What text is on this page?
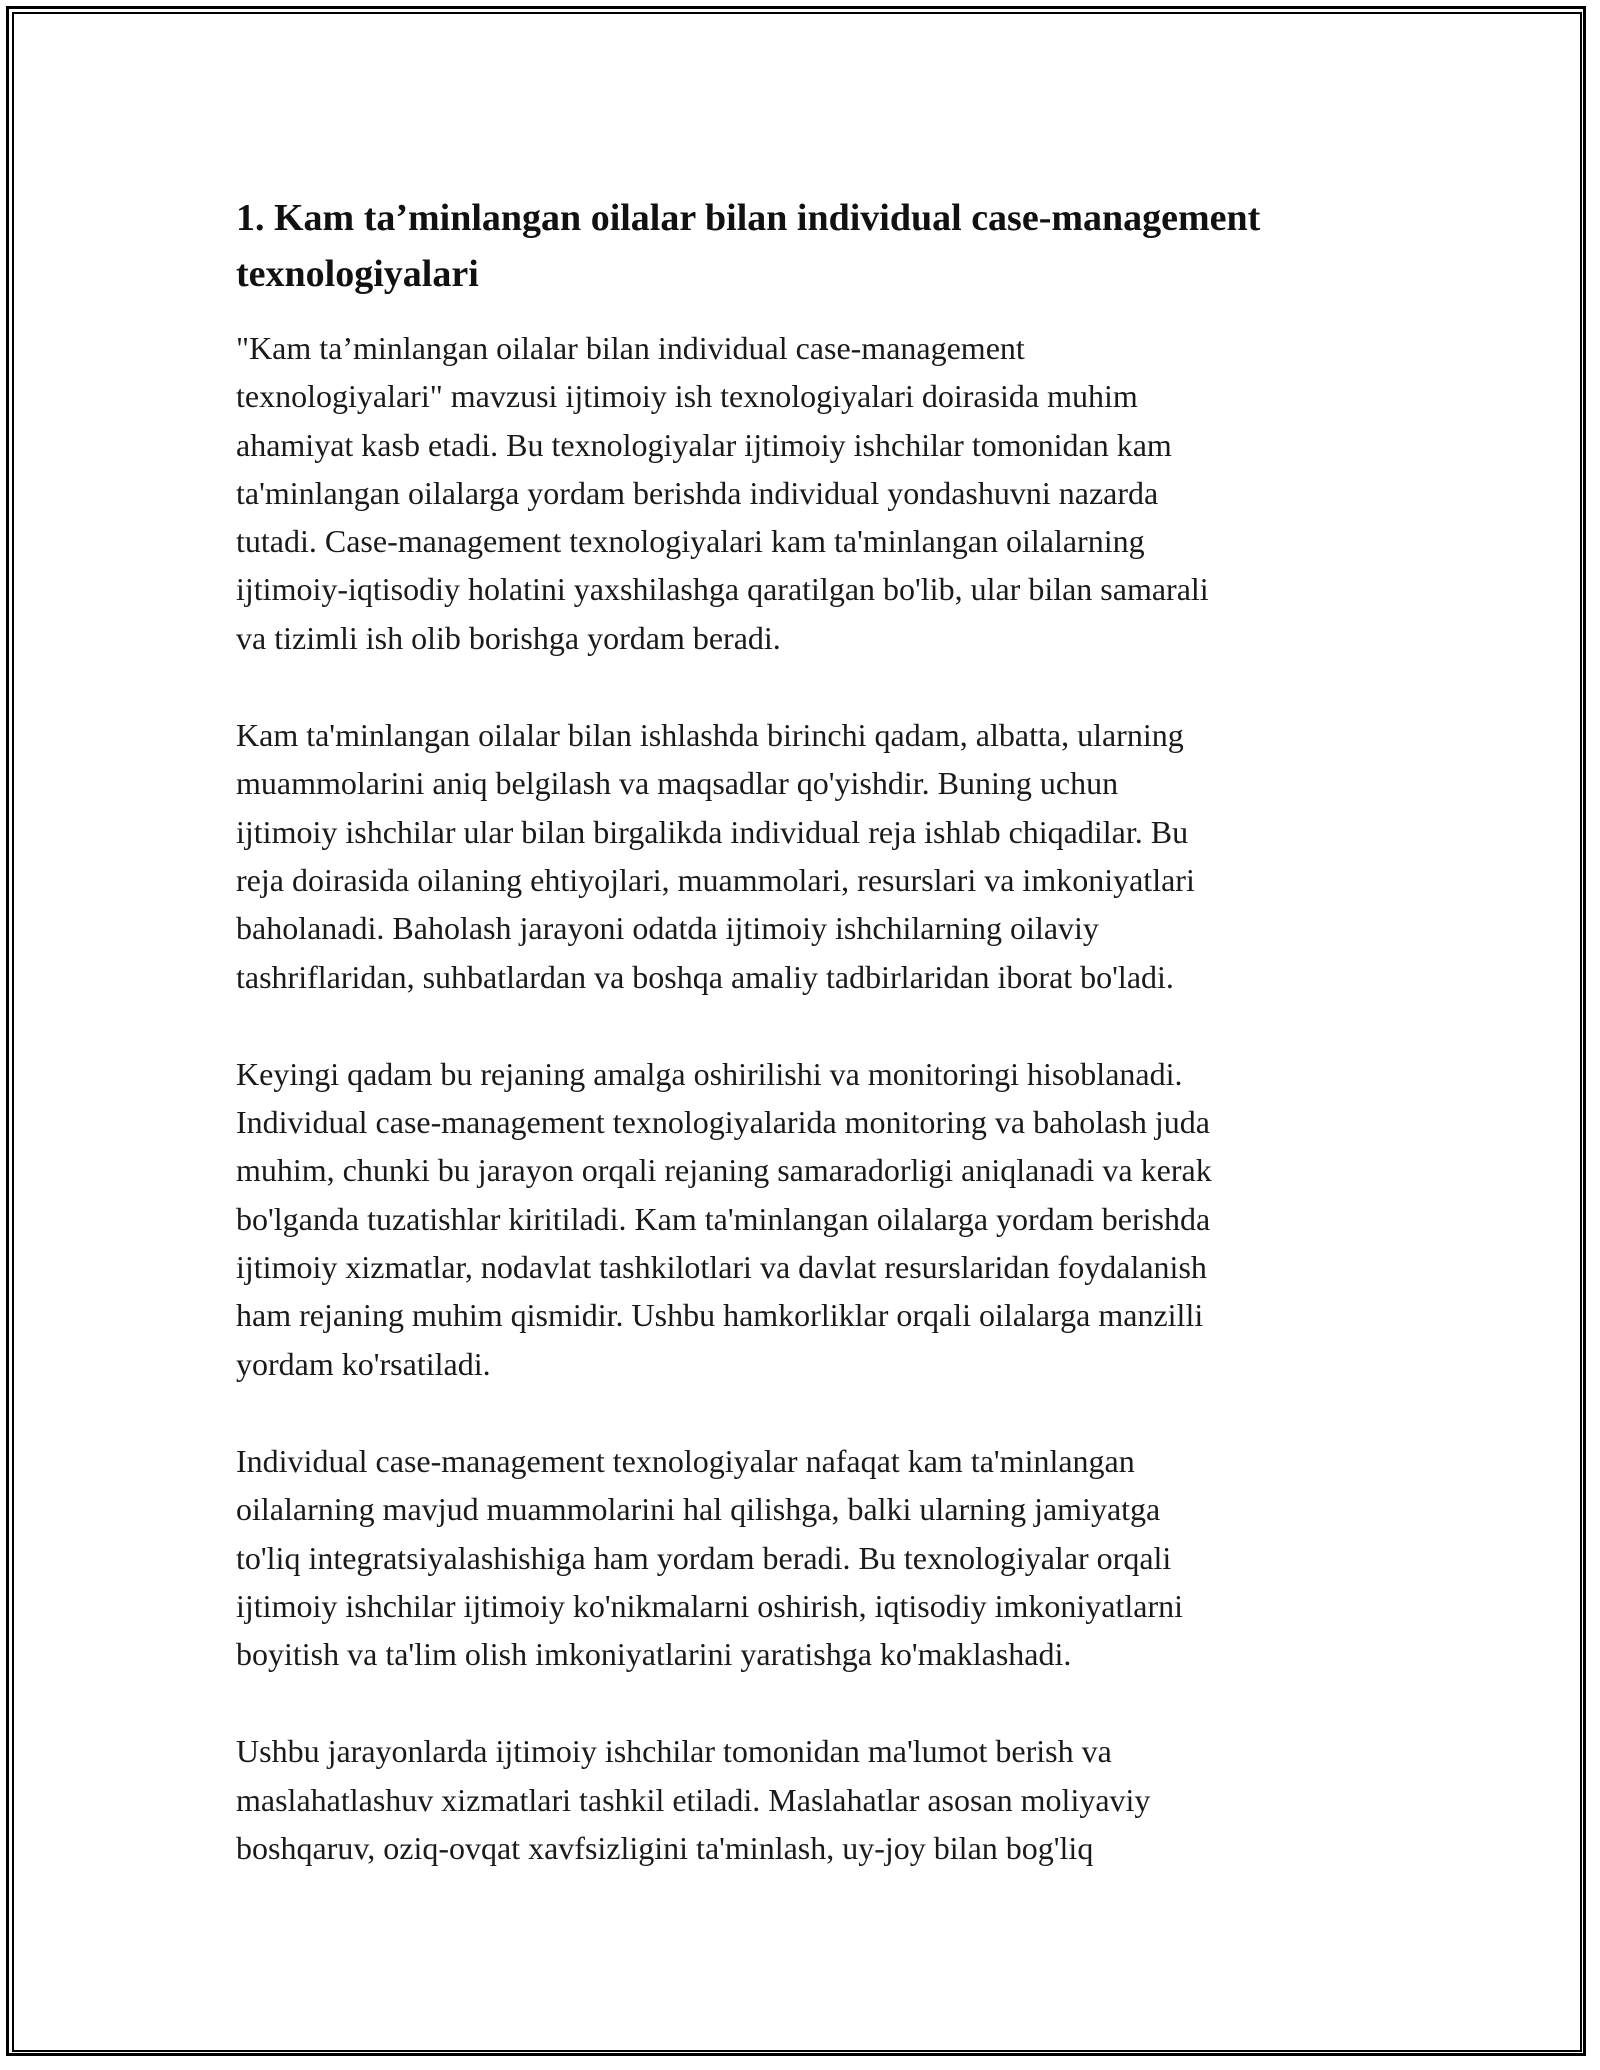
1. Kam ta’minlangan oilalar bilan individual case-management
texnologiyalari

"Kam ta’minlangan oilalar bilan individual case-management
texnologiyalari" mavzusi ijtimoiy ish texnologiyalari doirasida muhim
ahamiyat kasb etadi. Bu texnologiyalar ijtimoiy ishchilar tomonidan kam
ta'minlangan oilalarga yordam berishda individual yondashuvni nazarda
tutadi. Case-management texnologiyalari kam ta'minlangan oilalarning
ijtimoiy-iqtisodiy holatini yaxshilashga qaratilgan bo'lib, ular bilan samarali
va tizimli ish olib borishga yordam beradi.

Kam ta'minlangan oilalar bilan ishlashda birinchi qadam, albatta, ularning
muammolarini aniq belgilash va maqsadlar qo'yishdir. Buning uchun
ijtimoiy ishchilar ular bilan birgalikda individual reja ishlab chiqadilar. Bu
reja doirasida oilaning ehtiyojlari, muammolari, resurslari va imkoniyatlari
baholanadi. Baholash jarayoni odatda ijtimoiy ishchilarning oilaviy
tashriflaridan, suhbatlardan va boshqa amaliy tadbirlaridan iborat bo'ladi.

Keyingi qadam bu rejaning amalga oshirilishi va monitoringi hisoblanadi.
Individual case-management texnologiyalarida monitoring va baholash juda
muhim, chunki bu jarayon orqali rejaning samaradorligi aniqlanadi va kerak
bo'lganda tuzatishlar kiritiladi. Kam ta'minlangan oilalarga yordam berishda
ijtimoiy xizmatlar, nodavlat tashkilotlari va davlat resurslaridan foydalanish
ham rejaning muhim qismidir. Ushbu hamkorliklar orqali oilalarga manzilli
yordam ko'rsatiladi.

Individual case-management texnologiyalar nafaqat kam ta'minlangan
oilalarning mavjud muammolarini hal qilishga, balki ularning jamiyatga
to'liq integratsiyalashishiga ham yordam beradi. Bu texnologiyalar orqali
ijtimoiy ishchilar ijtimoiy ko'nikmalarni oshirish, iqtisodiy imkoniyatlarni
boyitish va ta'lim olish imkoniyatlarini yaratishga ko'maklashadi.

Ushbu jarayonlarda ijtimoiy ishchilar tomonidan ma'lumot berish va
maslahatlashuv xizmatlari tashkil etiladi. Maslahatlar asosan moliyaviy
boshqaruv, oziq-ovqat xavfsizligini ta'minlash, uy-joy bilan bog'liq
